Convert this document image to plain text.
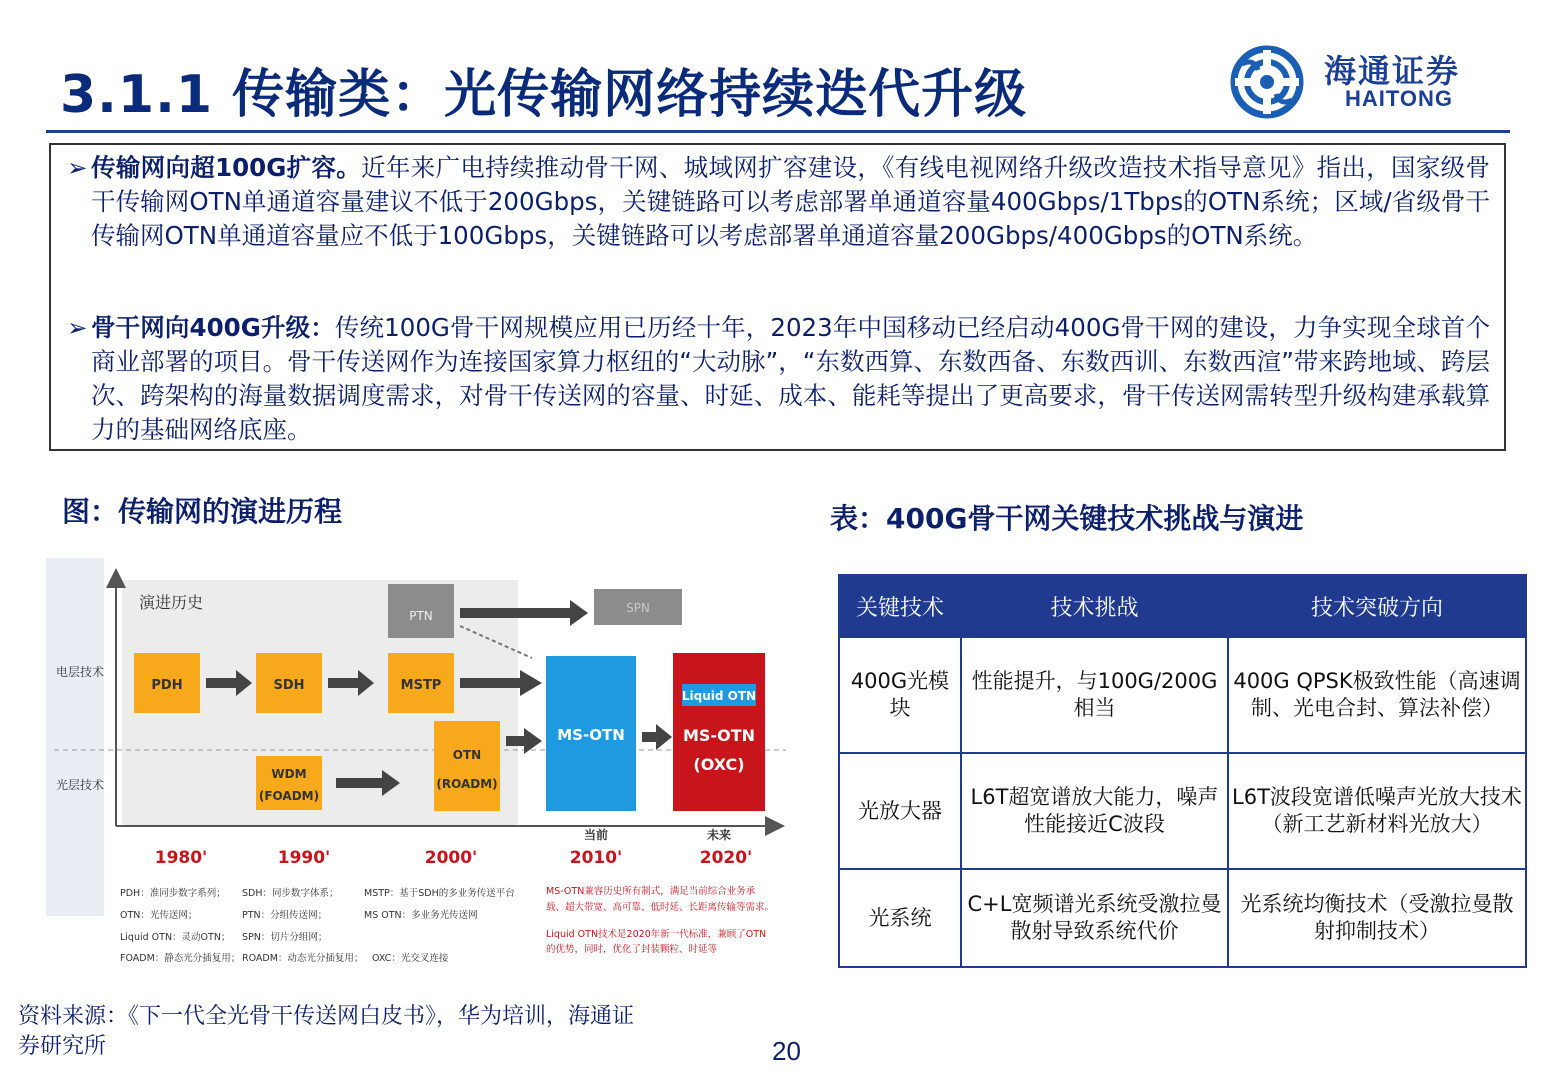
3.1.1 传输类：光传输网络持续迭代升级	海通证券
HAITONG
➢ 传输网向超100G扩容。近年来广电持续推动骨干网、城域网扩容建设，《有线电视网络升级改造技术指导意见》指出，国家级骨干传输网OTN单通道容量建议不低于200Gbps，关键链路可以考虑部署单通道容量400Gbps/1Tbps的OTN系统；区域/省级骨干传输网OTN单通道容量应不低于100Gbps，关键链路可以考虑部署单通道容量200Gbps/400Gbps的OTN系统。
➢ 骨干网向400G升级：传统100G骨干网规模应用已历经十年，2023年中国移动已经启动400G骨干网的建设，力争实现全球首个商业部署的项目。骨干传送网作为连接国家算力枢纽的“大动脉”，“东数西算、东数西备、东数西训、东数西渲”带来跨地域、跨层次、跨架构的海量数据调度需求，对骨干传送网的容量、时延、成本、能耗等提出了更高要求，骨干传送网需转型升级构建承载算力的基础网络底座。
图：传输网的演进历程	表：400G骨干网关键技术挑战与演进
演进历史
电层技术
光层技术
PDH	SDH	MSTP
PTN
SPN
WDM
(FOADM)
OTN
(ROADM)
MS-OTN
Liquid OTN
MS-OTN
(OXC)
当前	未来
1980'	1990'	2000'	2010'	2020'
PDH：准同步数字系列； SDH：同步数字体系；	MSTP：基于SDH的多业务传送平台
OTN：光传送网；	PTN：分组传送网；	MS OTN：多业务光传送网
Liquid OTN：灵动OTN； SPN：切片分组网；
FOADM：静态光分插复用； ROADM：动态光分插复用； OXC：光交叉连接
MS-OTN兼容历史所有制式，满足当前综合业务承
载、超大带宽、高可靠、低时延、长距离传输等需求。
Liquid OTN技术是2020年新一代标准，兼顾了OTN
的优势，同时，优化了封装颗粒、时延等
关键技术	技术挑战	技术突破方向
400G光模块	性能提升，与100G/200G相当	400G QPSK极致性能（高速调制、光电合封、算法补偿）
光放大器	L6T超宽谱放大能力，噪声性能接近C波段	L6T波段宽谱低噪声光放大技术（新工艺新材料光放大）
光系统	C+L宽频谱光系统受激拉曼散射导致系统代价	光系统均衡技术（受激拉曼散射抑制技术）
资料来源：《下一代全光骨干传送网白皮书》，华为培训，海通证券研究所	20
